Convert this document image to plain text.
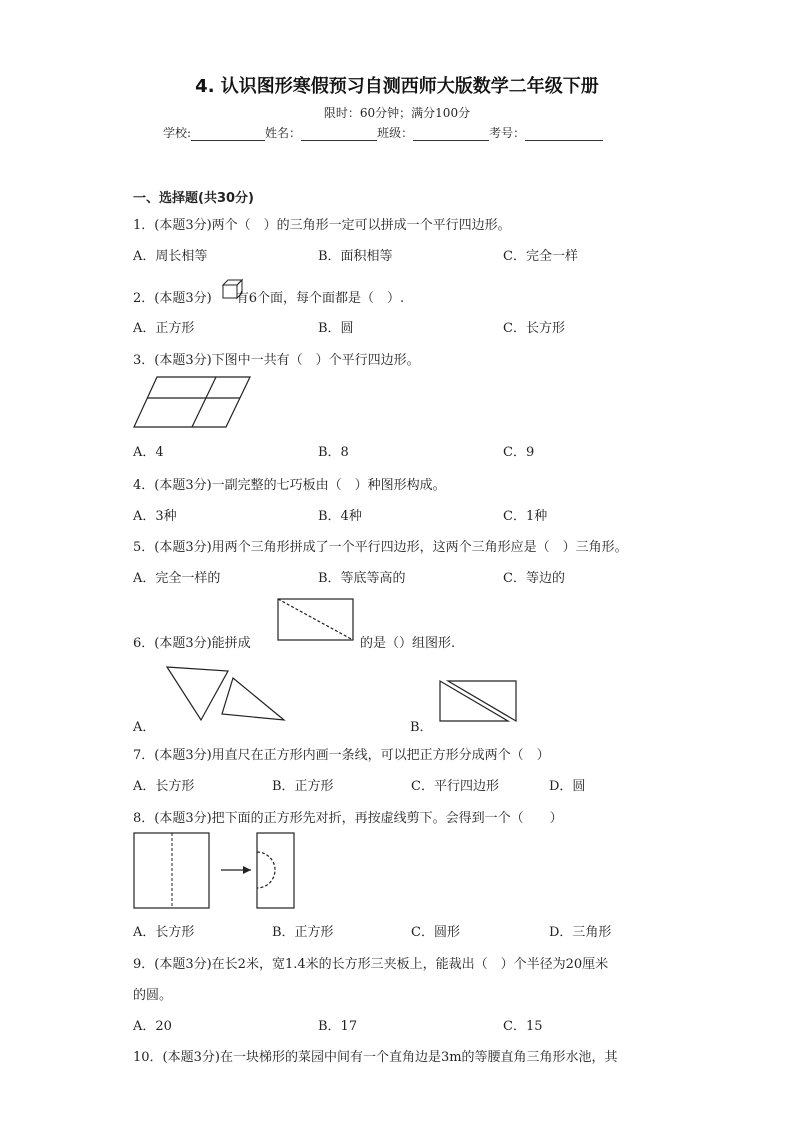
4. 认识图形寒假预习自测西师大版数学二年级下册
限时：60分钟；满分100分
学校:	姓名：	班级：	考号：
一、选择题(共30分)
1．(本题3分)两个（　）的三角形一定可以拼成一个平行四边形。
A．周长相等	B．面积相等	C．完全一样
2．(本题3分) 有6个面，每个面都是（　）.
A．正方形	B．圆	C．长方形
3．(本题3分)下图中一共有（　）个平行四边形。
A．4	B．8	C．9
4．(本题3分)一副完整的七巧板由（　）种图形构成。
A．3种	B．4种	C．1种
5．(本题3分)用两个三角形拼成了一个平行四边形，这两个三角形应是（　）三角形。
A．完全一样的	B．等底等高的	C．等边的
6．(本题3分)能拼成	的是（）组图形.
A．	B．
7．(本题3分)用直尺在正方形内画一条线，可以把正方形分成两个（　）
A．长方形	B．正方形	C．平行四边形	D．圆
8．(本题3分)把下面的正方形先对折，再按虚线剪下。会得到一个（　　）
A．长方形	B．正方形	C．圆形	D．三角形
9．(本题3分)在长2米，宽1.4米的长方形三夹板上，能裁出（　）个半径为20厘米
的圆。
A．20	B．17	C．15
10．(本题3分)在一块梯形的菜园中间有一个直角边是3m的等腰直角三角形水池，其
